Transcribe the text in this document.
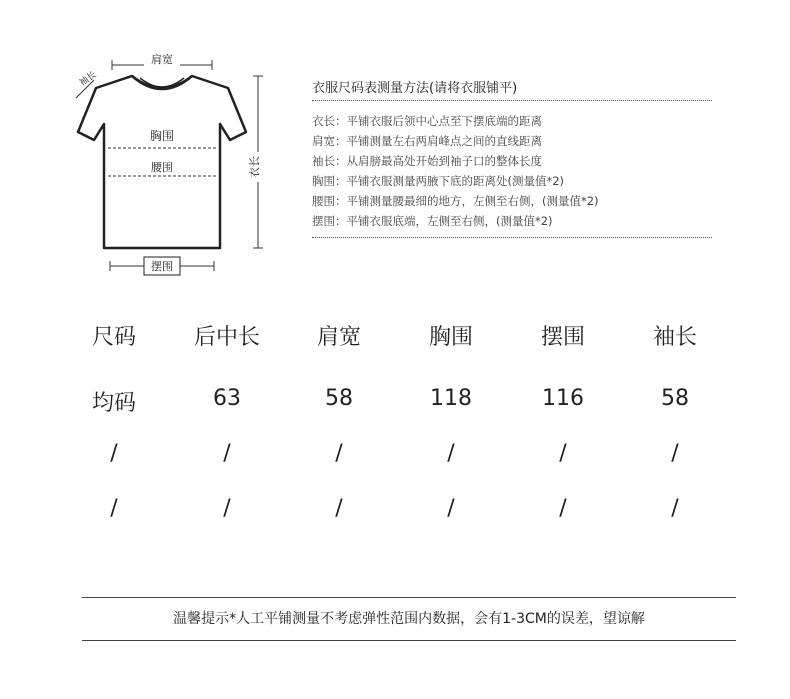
肩宽
袖长
胸围
腰围	衣长
摆围
衣服尺码表测量方法(请将衣服铺平)
衣长：平铺衣服后领中心点至下摆底端的距离
肩宽：平铺测量左右两肩峰点之间的直线距离
袖长：从肩膀最高处开始到袖子口的整体长度
胸围：平铺衣服测量两腋下底的距离处(测量值*2)
腰围：平铺测量腰最细的地方，左侧至右侧，(测量值*2)
摆围：平铺衣服底端，左侧至右侧，(测量值*2)
尺码	后中长	肩宽	胸围	摆围	袖长
均码	63	58	118	116	58
/	/	/	/	/	/
/	/	/	/	/	/
温馨提示*人工平铺测量不考虑弹性范围内数据，会有1-3CM的误差，望谅解
